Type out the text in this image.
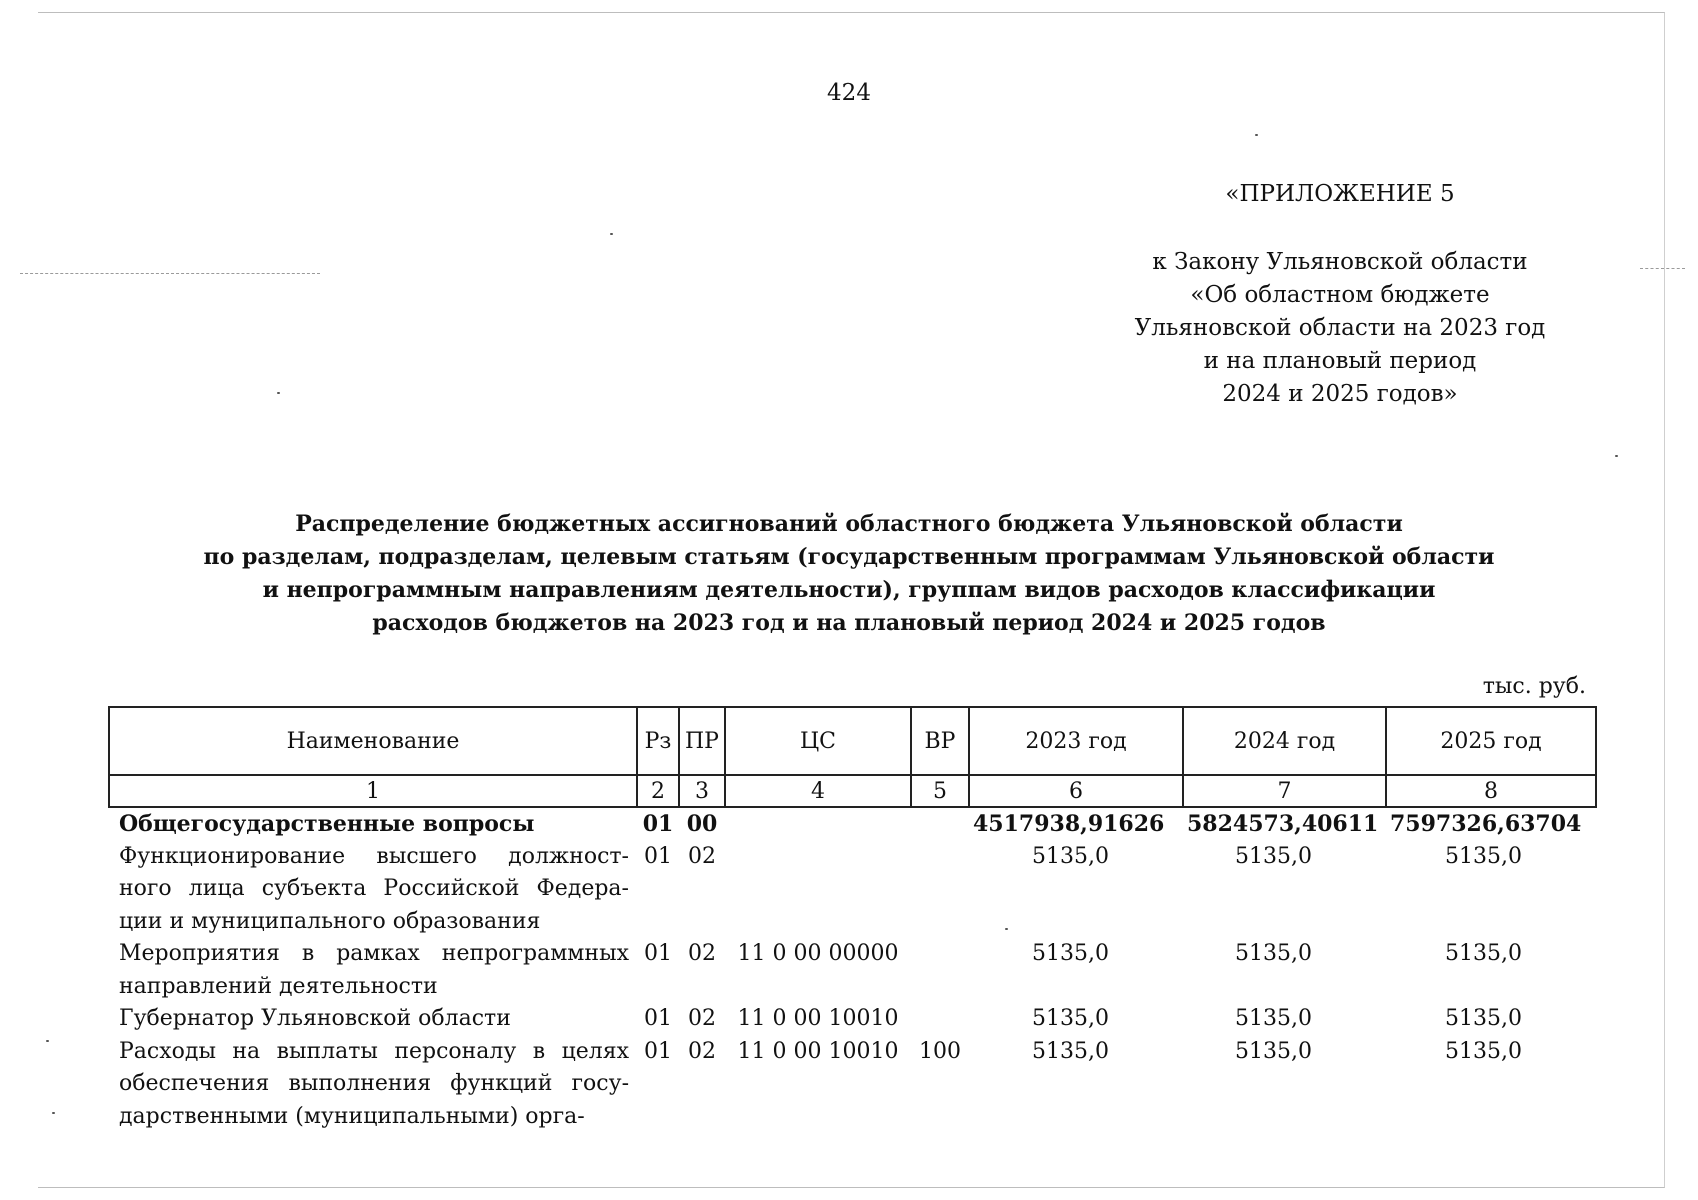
424
«ПРИЛОЖЕНИЕ 5
к Закону Ульяновской области
«Об областном бюджете
Ульяновской области на 2023 год
и на плановый период
2024 и 2025 годов»
Распределение бюджетных ассигнований областного бюджета Ульяновской области
по разделам, подразделам, целевым статьям (государственным программам Ульяновской области
и непрограммным направлениям деятельности), группам видов расходов классификации
расходов бюджетов на 2023 год и на плановый период 2024 и 2025 годов
тыс. руб.
Наименование	Рз	ПР	ЦС	ВР	2023 год	2024 год	2025 год
1	2	3	4	5	6	7	8
Общегосударственные вопросы	01	00			4517938,91626	5824573,40611	7597326,63704
Функционирование высшего должност-ного лица субъекта Российской Федера-ции и муниципального образования	01	02			5135,0	5135,0	5135,0
Мероприятия в рамках непрограммных направлений деятельности	01	02	11 0 00 00000		5135,0	5135,0	5135,0
Губернатор Ульяновской области	01	02	11 0 00 10010		5135,0	5135,0	5135,0
Расходы на выплаты персоналу в целях обеспечения выполнения функций госу-дарственными (муниципальными) орга-	01	02	11 0 00 10010	100	5135,0	5135,0	5135,0
